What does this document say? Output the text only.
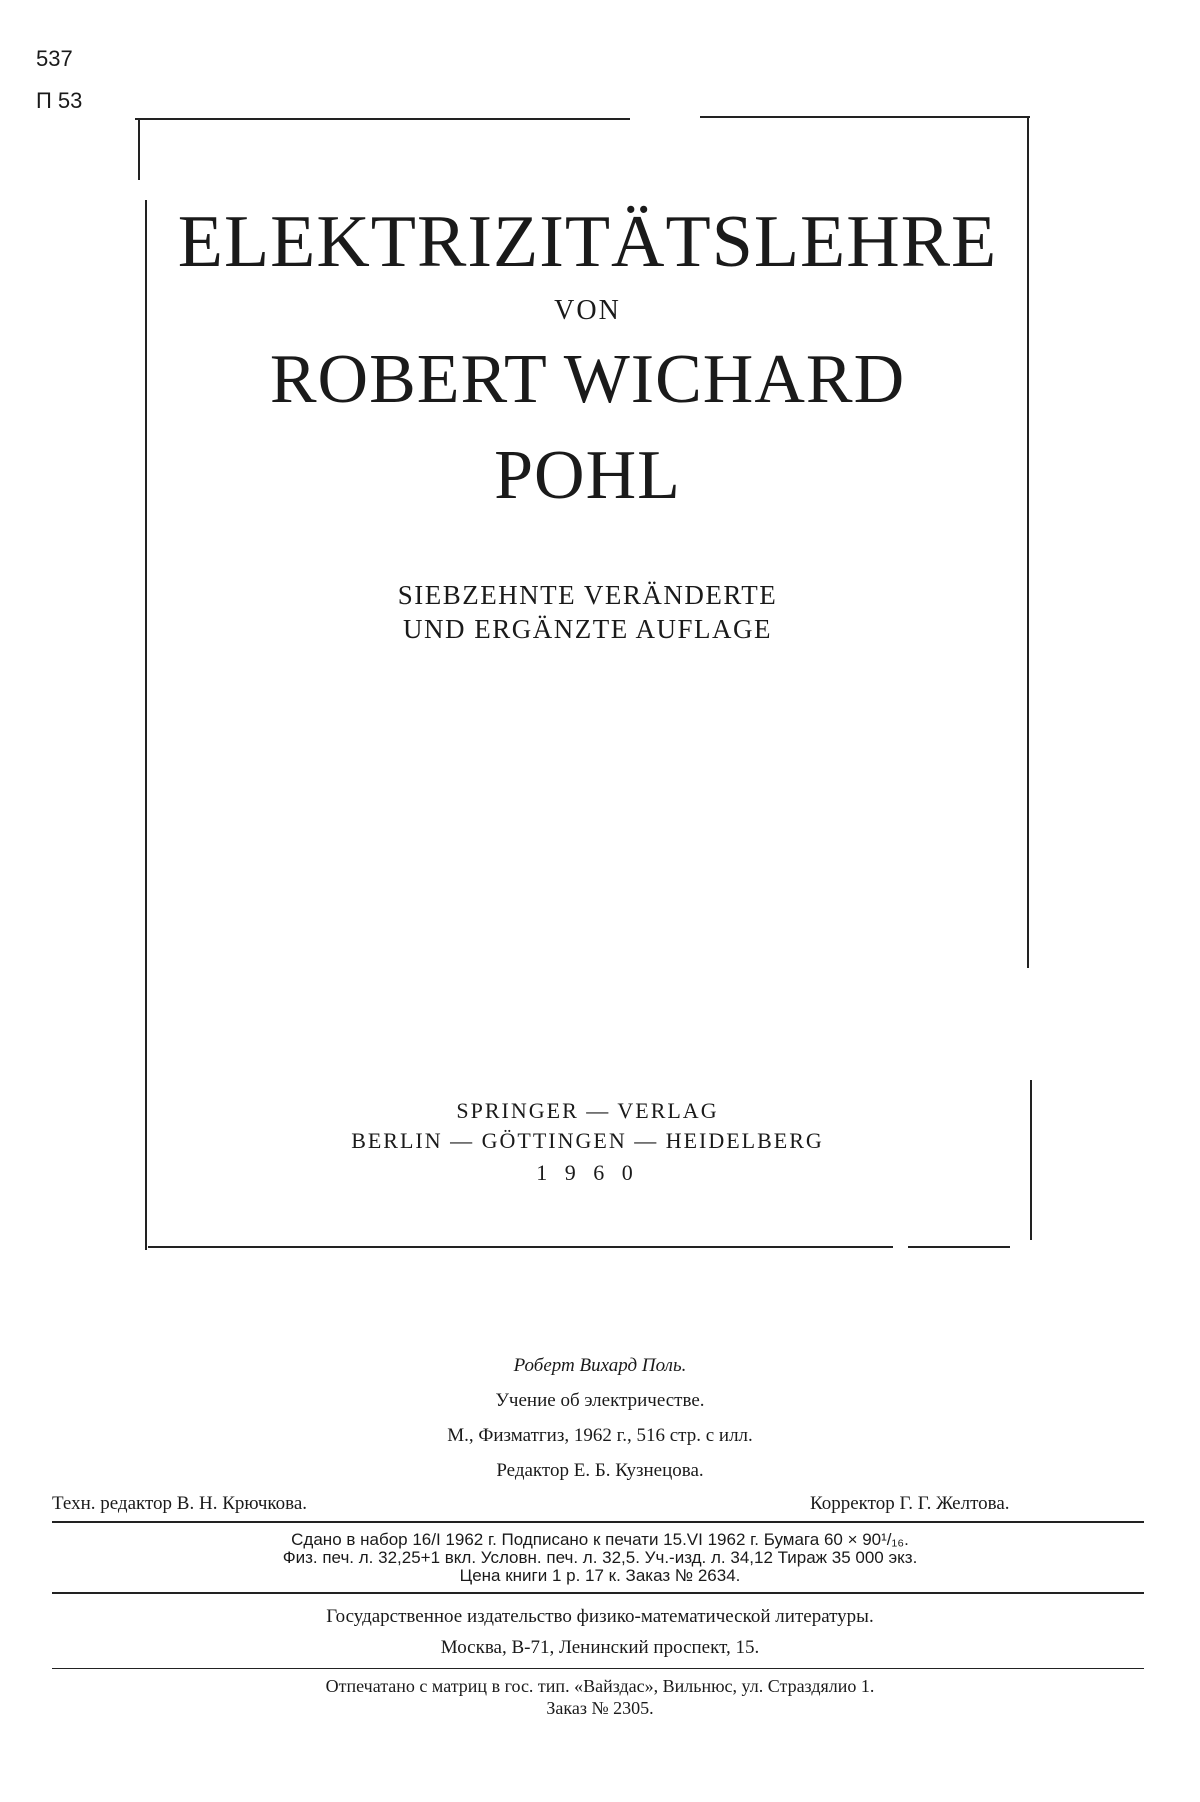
537
П 53
ELEKTRIZITÄTSLEHRE
VON
ROBERT WICHARD
POHL
SIEBZEHNTE VERÄNDERTE
UND ERGÄNZTE AUFLAGE
SPRINGER — VERLAG
BERLIN — GÖTTINGEN — HEIDELBERG
1 9 6 0
Роберт Вихард Поль.
Учение об электричестве.
М., Физматгиз, 1962 г., 516 стр. с илл.
Редактор Е. Б. Кузнецова.
Техн. редактор В. Н. Крючкова.	Корректор Г. Г. Желтова.
Сдано в набор 16/I 1962 г. Подписано к печати 15.VI 1962 г. Бумага 60 × 90¹/₁₆.
Физ. печ. л. 32,25+1 вкл. Условн. печ. л. 32,5. Уч.-изд. л. 34,12 Тираж 35 000 экз.
Цена книги 1 р. 17 к. Заказ № 2634.
Государственное издательство физико-математической литературы.
Москва, В-71, Ленинский проспект, 15.
Отпечатано с матриц в гос. тип. «Вайздас», Вильнюс, ул. Страздялио 1.
Заказ № 2305.
